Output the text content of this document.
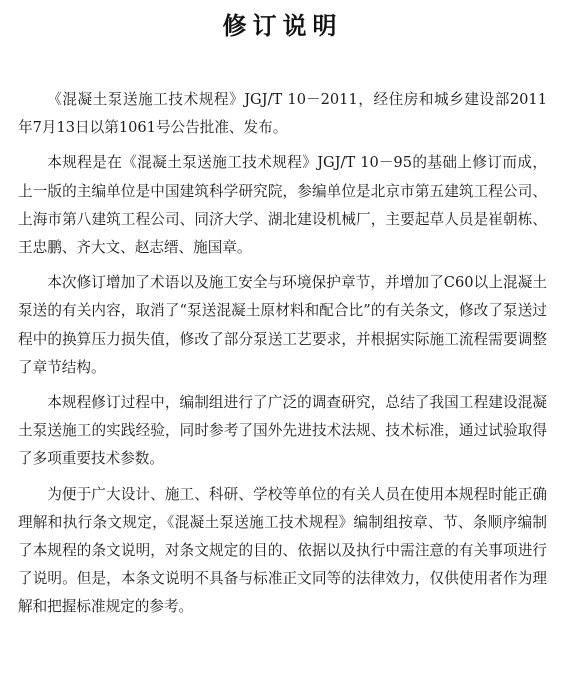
修订说明

《混凝土泵送施工技术规程》JGJ/T 10－2011，经住房和城乡建设部2011年7月13日以第1061号公告批准、发布。

本规程是在《混凝土泵送施工技术规程》JGJ/T 10－95的基础上修订而成，上一版的主编单位是中国建筑科学研究院，参编单位是北京市第五建筑工程公司、上海市第八建筑工程公司、同济大学、湖北建设机械厂，主要起草人员是崔朝栋、王忠鹏、齐大文、赵志缙、施国章。

本次修订增加了术语以及施工安全与环境保护章节，并增加了C60以上混凝土泵送的有关内容，取消了“泵送混凝土原材料和配合比”的有关条文，修改了泵送过程中的换算压力损失值，修改了部分泵送工艺要求，并根据实际施工流程需要调整了章节结构。

本规程修订过程中，编制组进行了广泛的调查研究，总结了我国工程建设混凝土泵送施工的实践经验，同时参考了国外先进技术法规、技术标准，通过试验取得了多项重要技术参数。

为便于广大设计、施工、科研、学校等单位的有关人员在使用本规程时能正确理解和执行条文规定，《混凝土泵送施工技术规程》编制组按章、节、条顺序编制了本规程的条文说明，对条文规定的目的、依据以及执行中需注意的有关事项进行了说明。但是，本条文说明不具备与标准正文同等的法律效力，仅供使用者作为理解和把握标准规定的参考。
